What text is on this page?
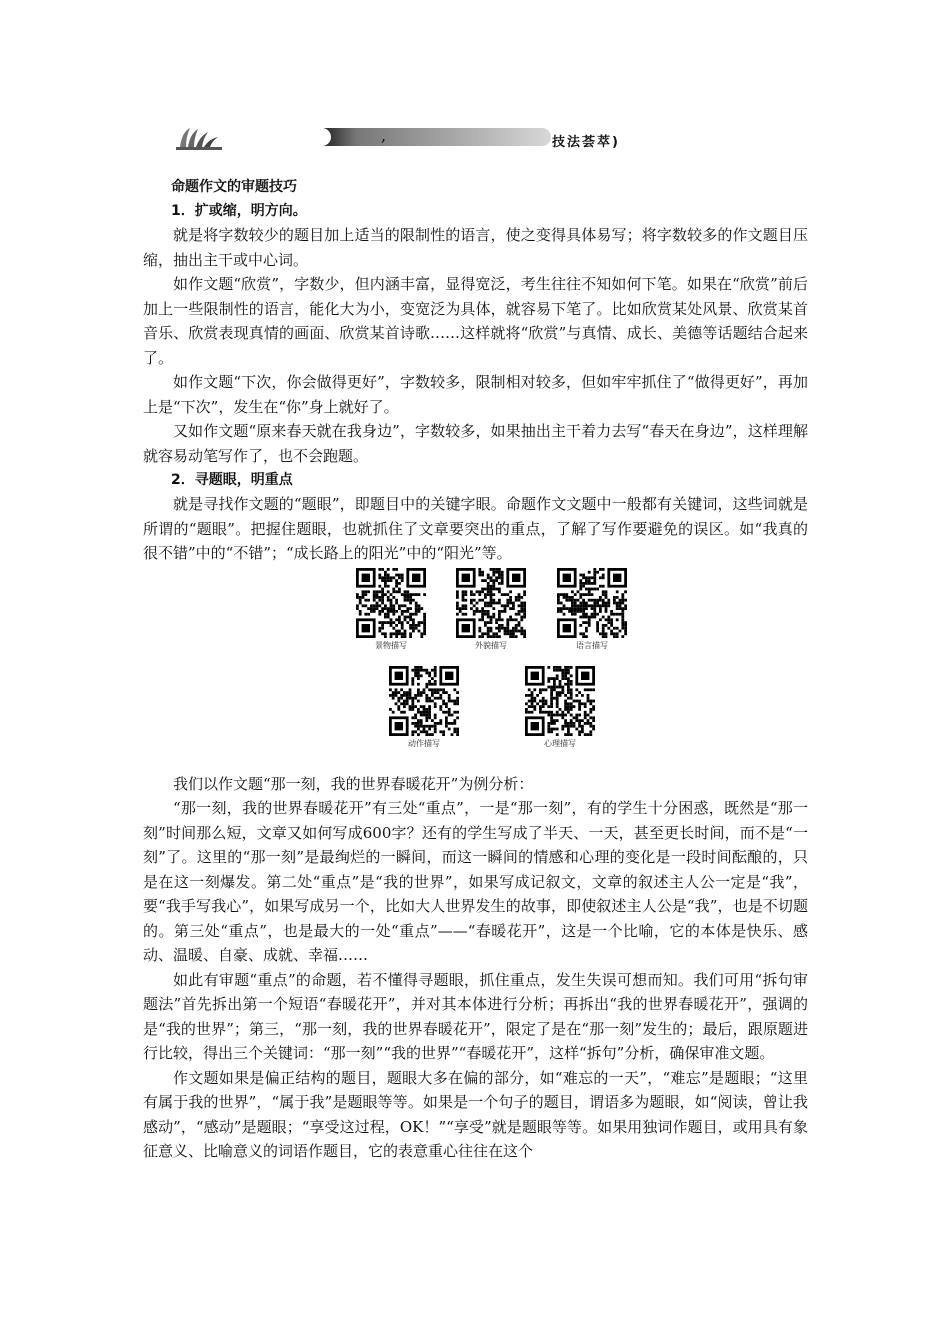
,	技法荟萃)

命题作文的审题技巧

1．扩或缩，明方向。

就是将字数较少的题目加上适当的限制性的语言，使之变得具体易写；将字数较多的作文题目压缩，抽出主干或中心词。

如作文题“欣赏”，字数少，但内涵丰富，显得宽泛，考生往往不知如何下笔。如果在“欣赏”前后加上一些限制性的语言，能化大为小，变宽泛为具体，就容易下笔了。比如欣赏某处风景、欣赏某首音乐、欣赏表现真情的画面、欣赏某首诗歌……这样就将“欣赏”与真情、成长、美德等话题结合起来了。

如作文题“下次，你会做得更好”，字数较多，限制相对较多，但如牢牢抓住了“做得更好”，再加上是“下次”，发生在“你”身上就好了。

又如作文题“原来春天就在我身边”，字数较多，如果抽出主干着力去写“春天在身边”，这样理解就容易动笔写作了，也不会跑题。

2．寻题眼，明重点

就是寻找作文题的“题眼”，即题目中的关键字眼。命题作文文题中一般都有关键词，这些词就是所谓的“题眼”。把握住题眼，也就抓住了文章要突出的重点，了解了写作要避免的误区。如“我真的很不错”中的“不错”；“成长路上的阳光”中的“阳光”等。

景物描写	外貌描写	语言描写
动作描写	心理描写

我们以作文题“那一刻，我的世界春暖花开”为例分析：

“那一刻，我的世界春暖花开”有三处“重点”，一是“那一刻”，有的学生十分困惑，既然是“那一刻”时间那么短，文章又如何写成600字？还有的学生写成了半天、一天，甚至更长时间，而不是“一刻”了。这里的“那一刻”是最绚烂的一瞬间，而这一瞬间的情感和心理的变化是一段时间酝酿的，只是在这一刻爆发。第二处“重点”是“我的世界”，如果写成记叙文，文章的叙述主人公一定是“我”，要“我手写我心”，如果写成另一个，比如大人世界发生的故事，即使叙述主人公是“我”，也是不切题的。第三处“重点”，也是最大的一处“重点”——“春暖花开”，这是一个比喻，它的本体是快乐、感动、温暖、自豪、成就、幸福……

如此有审题“重点”的命题，若不懂得寻题眼，抓住重点，发生失误可想而知。我们可用“拆句审题法”首先拆出第一个短语“春暖花开”，并对其本体进行分析；再拆出“我的世界春暖花开”，强调的是“我的世界”；第三，“那一刻，我的世界春暖花开”，限定了是在“那一刻”发生的；最后，跟原题进行比较，得出三个关键词：“那一刻”“我的世界”“春暖花开”，这样“拆句”分析，确保审准文题。

作文题如果是偏正结构的题目，题眼大多在偏的部分，如“难忘的一天”，“难忘”是题眼；“这里有属于我的世界”，“属于我”是题眼等等。如果是一个句子的题目，谓语多为题眼，如“阅读，曾让我感动”，“感动”是题眼；“享受这过程，OK！”“享受”就是题眼等等。如果用独词作题目，或用具有象征意义、比喻意义的词语作题目，它的表意重心往往在这个
